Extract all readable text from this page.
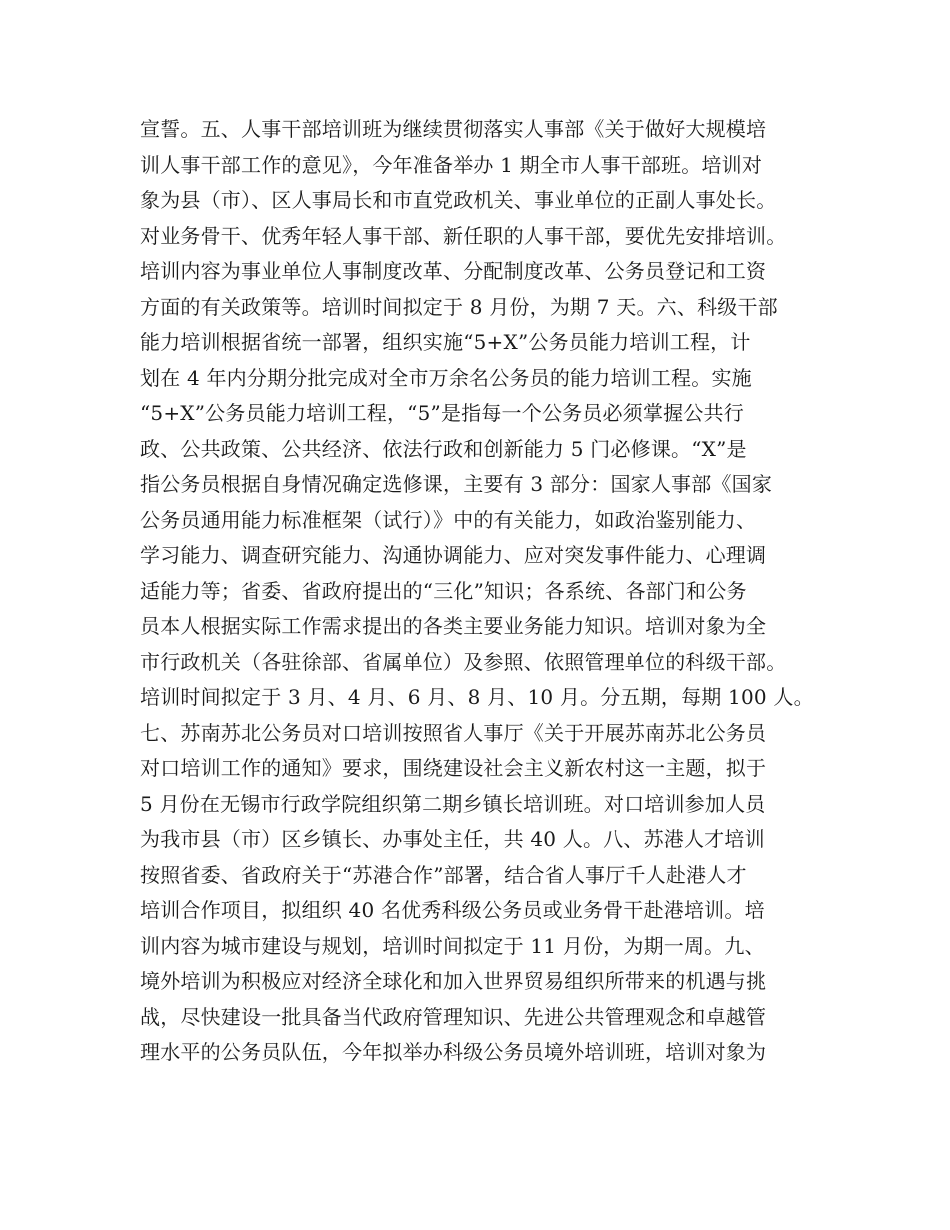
宣誓。五、人事干部培训班为继续贯彻落实人事部《关于做好大规模培
训人事干部工作的意见》，今年准备举办 1 期全市人事干部班。培训对
象为县（市）、区人事局长和市直党政机关、事业单位的正副人事处长。
对业务骨干、优秀年轻人事干部、新任职的人事干部，要优先安排培训。
培训内容为事业单位人事制度改革、分配制度改革、公务员登记和工资
方面的有关政策等。培训时间拟定于 8 月份，为期 7 天。六、科级干部
能力培训根据省统一部署，组织实施“5+X”公务员能力培训工程，计
划在 4 年内分期分批完成对全市万余名公务员的能力培训工程。实施
“5+X”公务员能力培训工程，“5”是指每一个公务员必须掌握公共行
政、公共政策、公共经济、依法行政和创新能力 5 门必修课。“X”是
指公务员根据自身情况确定选修课，主要有 3 部分：国家人事部《国家
公务员通用能力标准框架（试行）》中的有关能力，如政治鉴别能力、
学习能力、调查研究能力、沟通协调能力、应对突发事件能力、心理调
适能力等；省委、省政府提出的“三化”知识；各系统、各部门和公务
员本人根据实际工作需求提出的各类主要业务能力知识。培训对象为全
市行政机关（各驻徐部、省属单位）及参照、依照管理单位的科级干部。
培训时间拟定于 3 月、4 月、6 月、8 月、10 月。分五期，每期 100 人。
七、苏南苏北公务员对口培训按照省人事厅《关于开展苏南苏北公务员
对口培训工作的通知》要求，围绕建设社会主义新农村这一主题，拟于
5 月份在无锡市行政学院组织第二期乡镇长培训班。对口培训参加人员
为我市县（市）区乡镇长、办事处主任，共 40 人。八、苏港人才培训
按照省委、省政府关于“苏港合作”部署，结合省人事厅千人赴港人才
培训合作项目，拟组织 40 名优秀科级公务员或业务骨干赴港培训。培
训内容为城市建设与规划，培训时间拟定于 11 月份，为期一周。九、
境外培训为积极应对经济全球化和加入世界贸易组织所带来的机遇与挑
战，尽快建设一批具备当代政府管理知识、先进公共管理观念和卓越管
理水平的公务员队伍，今年拟举办科级公务员境外培训班，培训对象为
